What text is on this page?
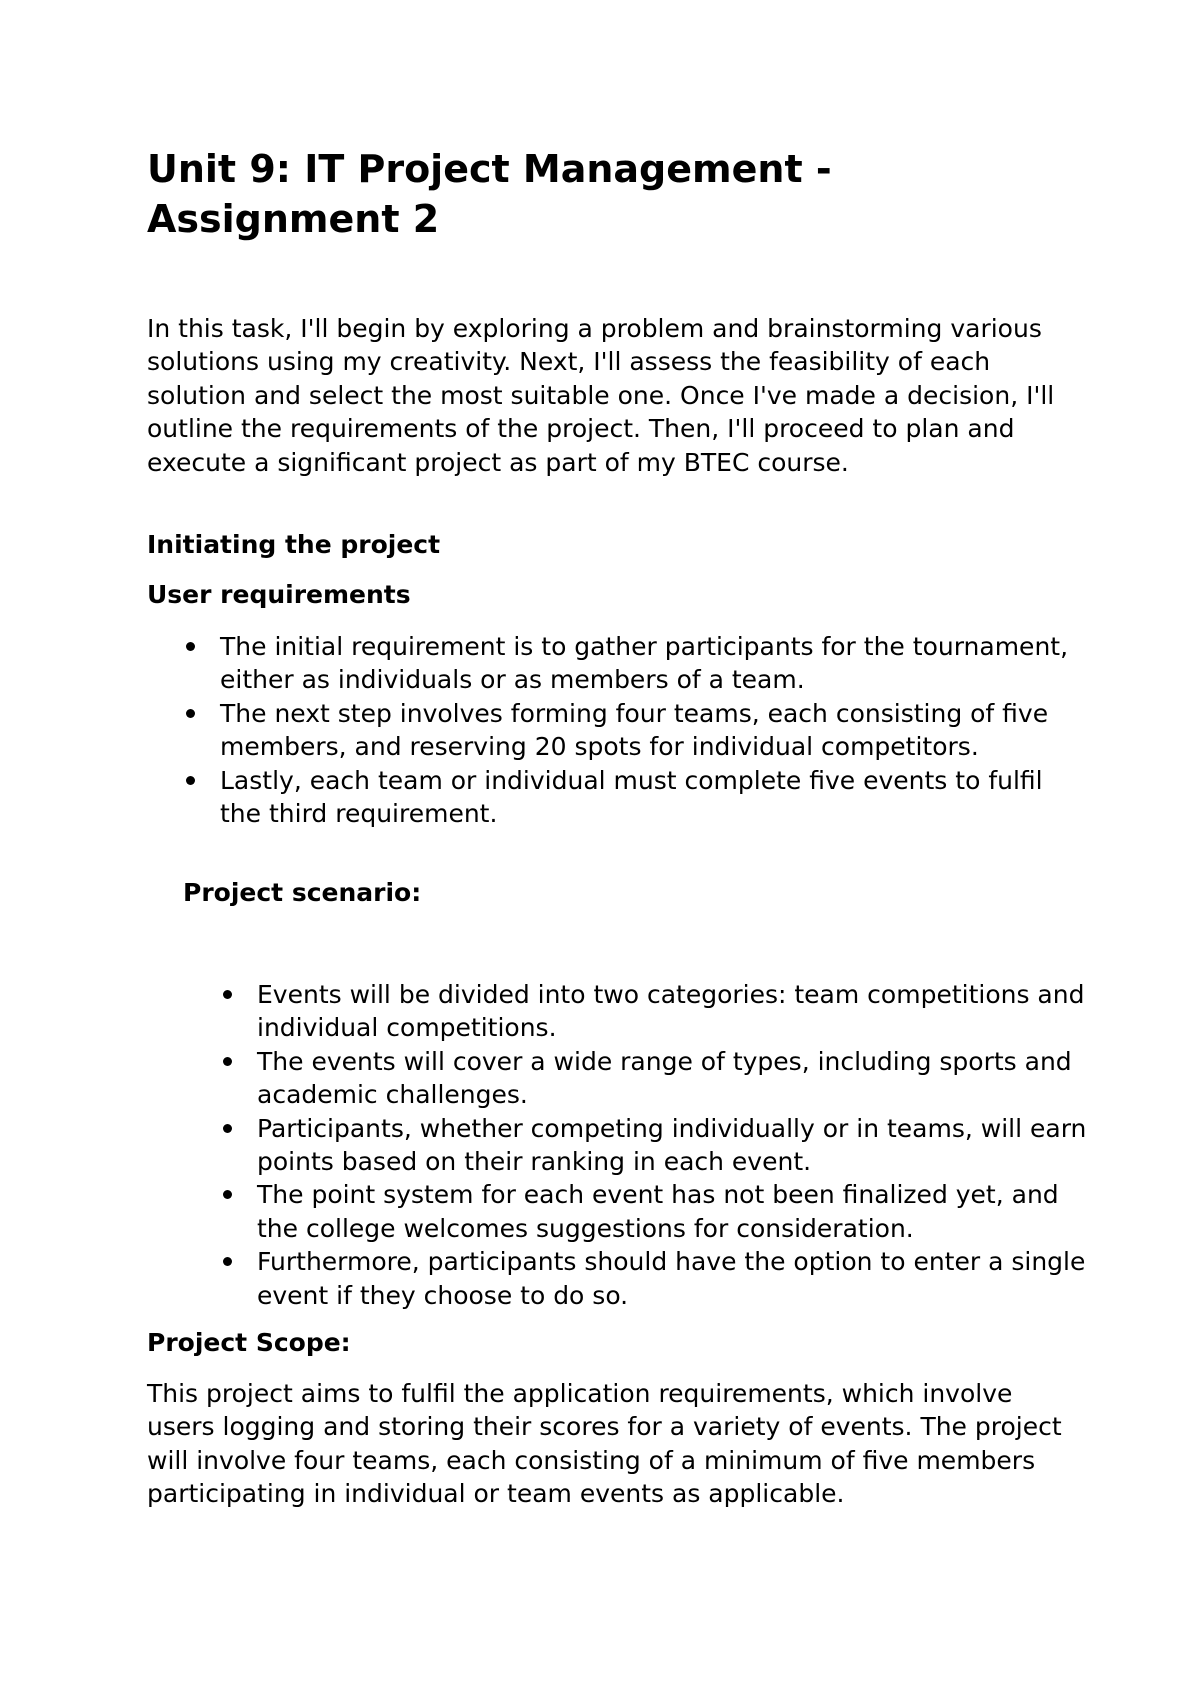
Unit 9: IT Project Management - Assignment 2

In this task, I'll begin by exploring a problem and brainstorming various solutions using my creativity. Next, I'll assess the feasibility of each solution and select the most suitable one. Once I've made a decision, I'll outline the requirements of the project. Then, I'll proceed to plan and execute a significant project as part of my BTEC course.

Initiating the project
User requirements
The initial requirement is to gather participants for the tournament, either as individuals or as members of a team.
The next step involves forming four teams, each consisting of five members, and reserving 20 spots for individual competitors.
Lastly, each team or individual must complete five events to fulfil the third requirement.
Project scenario:
Events will be divided into two categories: team competitions and individual competitions.
The events will cover a wide range of types, including sports and academic challenges.
Participants, whether competing individually or in teams, will earn points based on their ranking in each event.
The point system for each event has not been finalized yet, and the college welcomes suggestions for consideration.
Furthermore, participants should have the option to enter a single event if they choose to do so.
Project Scope:

This project aims to fulfil the application requirements, which involve users logging and storing their scores for a variety of events. The project will involve four teams, each consisting of a minimum of five members participating in individual or team events as applicable.
